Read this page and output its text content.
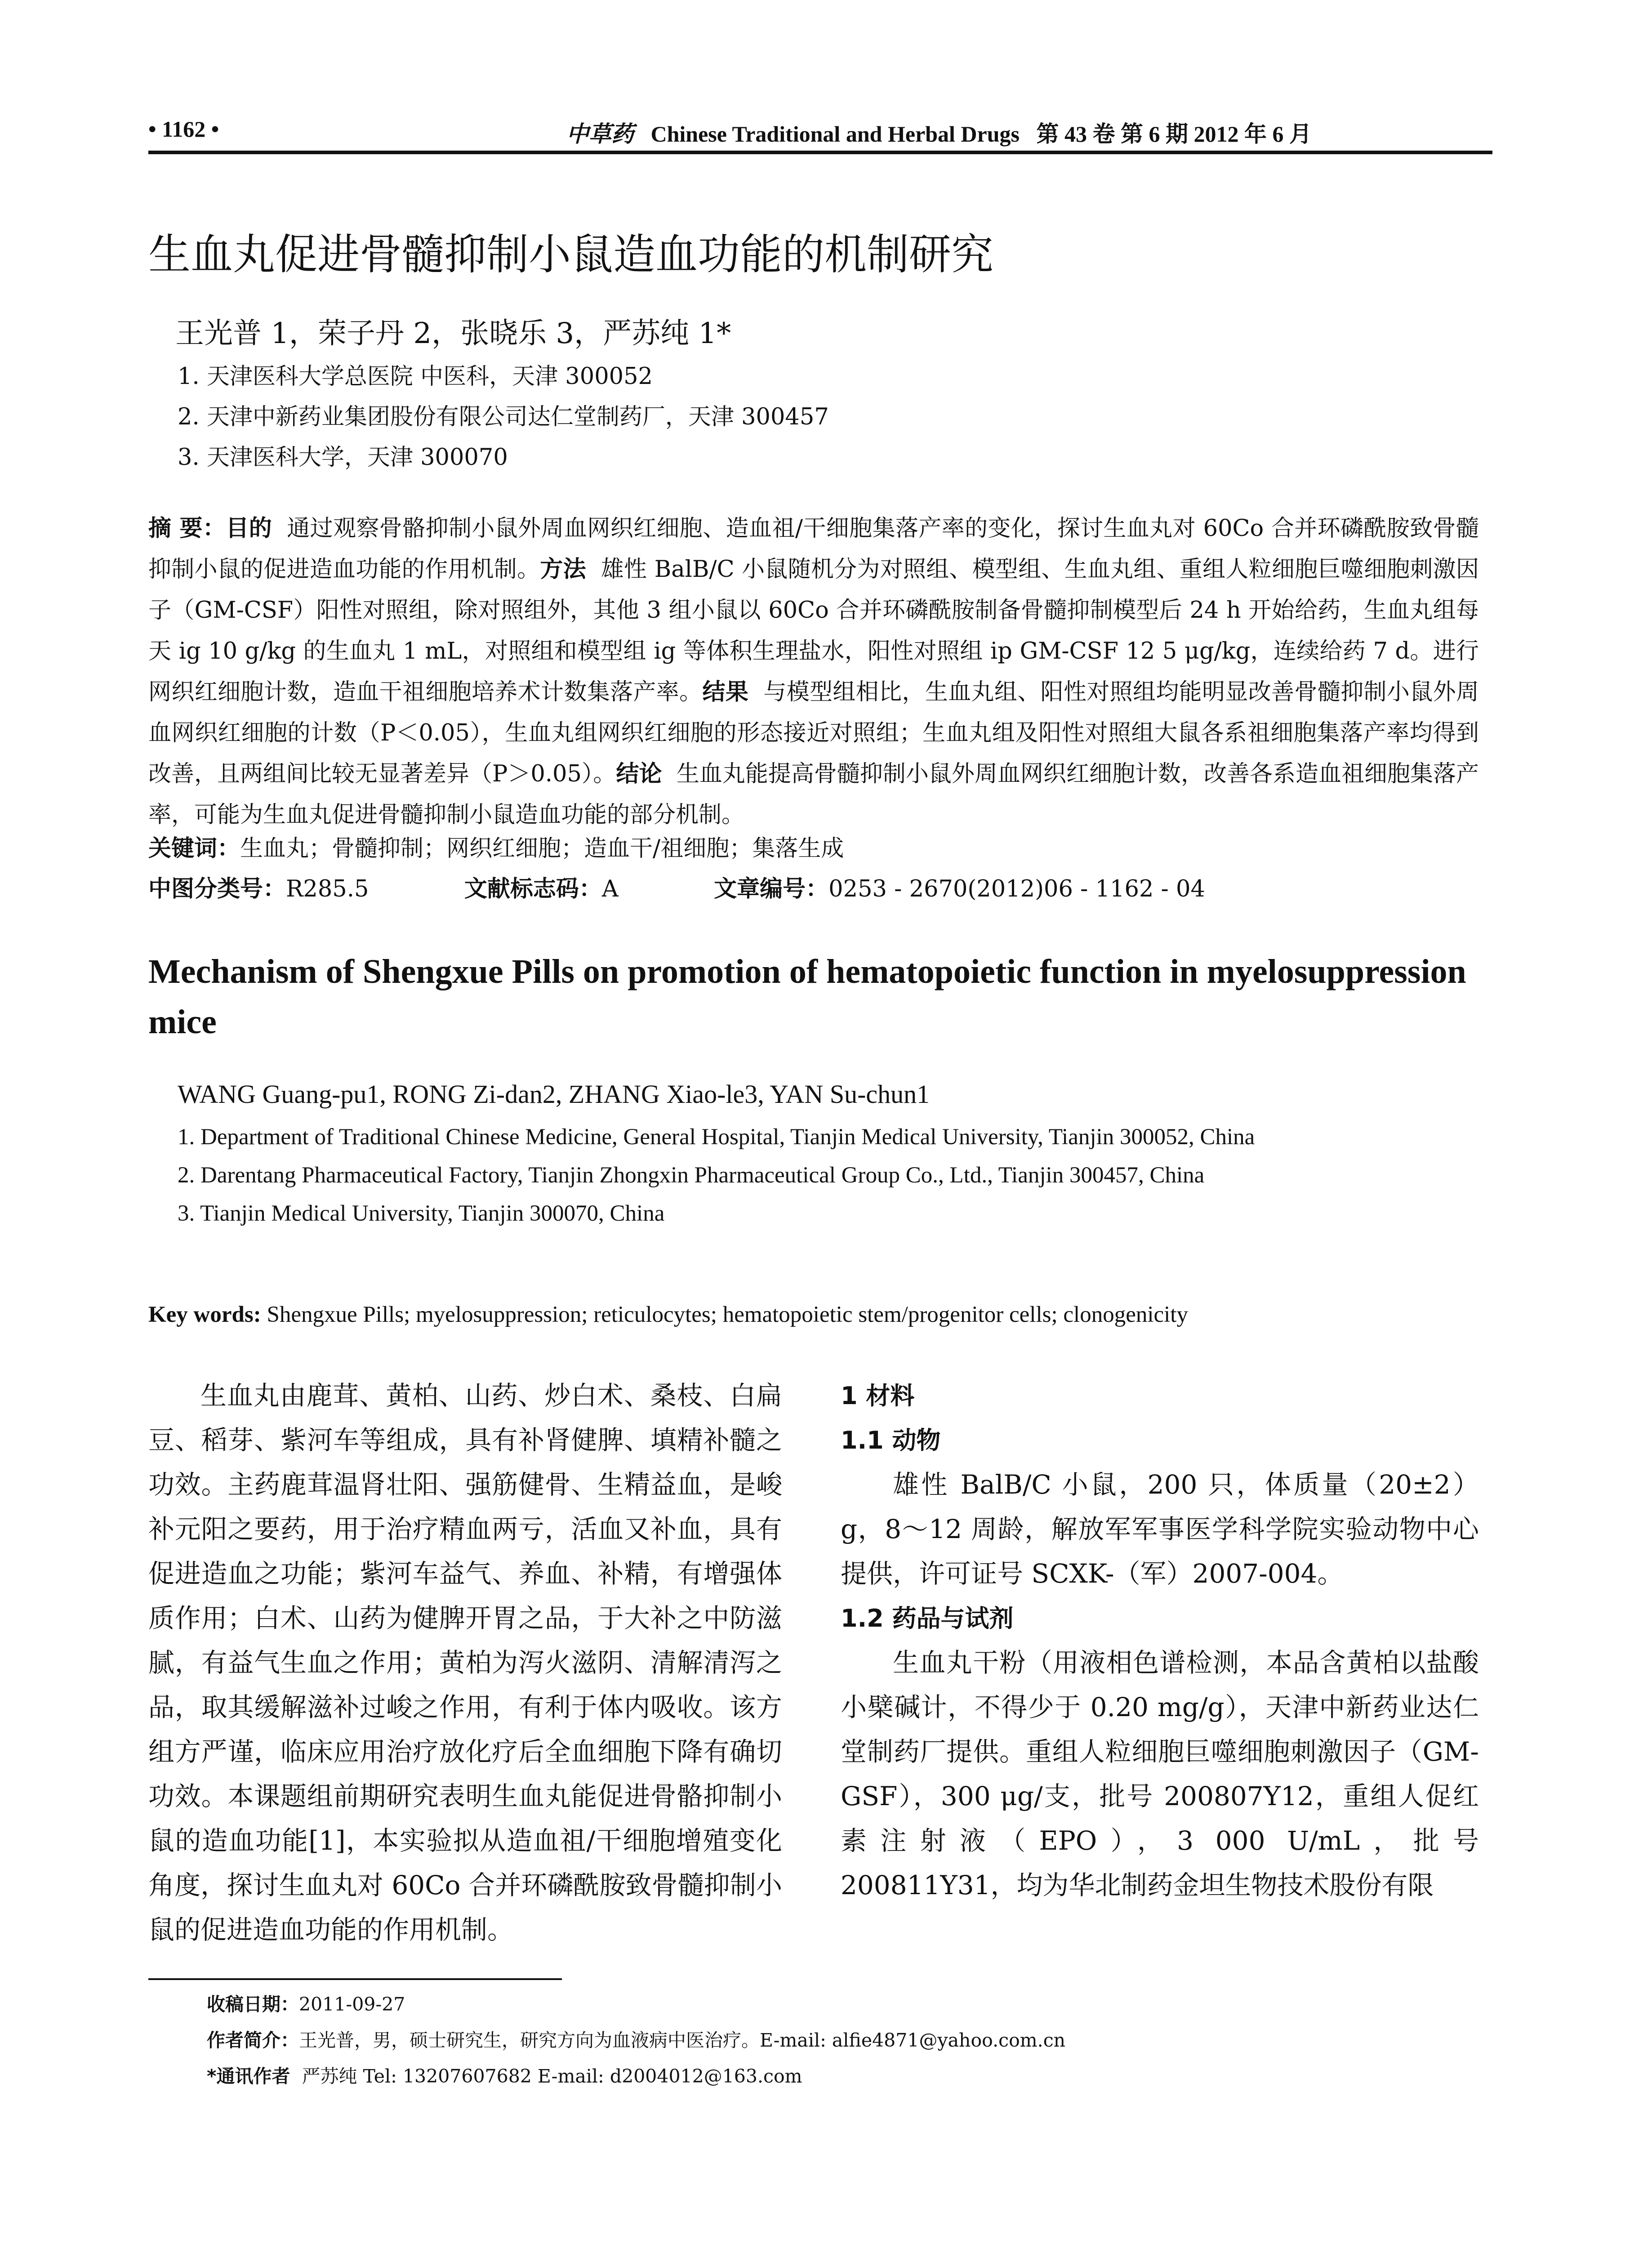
• 1162 •	中草药 Chinese Traditional and Herbal Drugs 第 43 卷 第 6 期 2012 年 6 月
生血丸促进骨髓抑制小鼠造血功能的机制研究
王光普 1，荣子丹 2，张晓乐 3，严苏纯 1*
1. 天津医科大学总医院 中医科，天津 300052
2. 天津中新药业集团股份有限公司达仁堂制药厂，天津 300457
3. 天津医科大学，天津 300070
摘 要：目的 通过观察骨骼抑制小鼠外周血网织红细胞、造血祖/干细胞集落产率的变化，探讨生血丸对 60Co 合并环磷酰胺致骨髓抑制小鼠的促进造血功能的作用机制。方法 雄性 BalB/C 小鼠随机分为对照组、模型组、生血丸组、重组人粒细胞巨噬细胞刺激因子（GM-CSF）阳性对照组，除对照组外，其他 3 组小鼠以 60Co 合并环磷酰胺制备骨髓抑制模型后 24 h 开始给药，生血丸组每天 ig 10 g/kg 的生血丸 1 mL，对照组和模型组 ig 等体积生理盐水，阳性对照组 ip GM-CSF 12 5 μg/kg，连续给药 7 d。进行网织红细胞计数，造血干祖细胞培养术计数集落产率。结果 与模型组相比，生血丸组、阳性对照组均能明显改善骨髓抑制小鼠外周血网织红细胞的计数（P＜0.05），生血丸组网织红细胞的形态接近对照组；生血丸组及阳性对照组大鼠各系祖细胞集落产率均得到改善，且两组间比较无显著差异（P＞0.05）。结论 生血丸能提高骨髓抑制小鼠外周血网织红细胞计数，改善各系造血祖细胞集落产率，可能为生血丸促进骨髓抑制小鼠造血功能的部分机制。
关键词：生血丸；骨髓抑制；网织红细胞；造血干/祖细胞；集落生成
中图分类号：R285.5	文献标志码：A	文章编号：0253 - 2670(2012)06 - 1162 - 04
Mechanism of Shengxue Pills on promotion of hematopoietic function in myelosuppression mice
WANG Guang-pu1, RONG Zi-dan2, ZHANG Xiao-le3, YAN Su-chun1
1. Department of Traditional Chinese Medicine, General Hospital, Tianjin Medical University, Tianjin 300052, China
2. Darentang Pharmaceutical Factory, Tianjin Zhongxin Pharmaceutical Group Co., Ltd., Tianjin 300457, China
3. Tianjin Medical University, Tianjin 300070, China
Key words: Shengxue Pills; myelosuppression; reticulocytes; hematopoietic stem/progenitor cells; clonogenicity
生血丸由鹿茸、黄柏、山药、炒白术、桑枝、白扁豆、稻芽、紫河车等组成，具有补肾健脾、填精补髓之功效。主药鹿茸温肾壮阳、强筋健骨、生精益血，是峻补元阳之要药，用于治疗精血两亏，活血又补血，具有促进造血之功能；紫河车益气、养血、补精，有增强体质作用；白术、山药为健脾开胃之品，于大补之中防滋腻，有益气生血之作用；黄柏为泻火滋阴、清解清泻之品，取其缓解滋补过峻之作用，有利于体内吸收。该方组方严谨，临床应用治疗放化疗后全血细胞下降有确切功效。本课题组前期研究表明生血丸能促进骨骼抑制小鼠的造血功能[1]，本实验拟从造血祖/干细胞增殖变化角度，探讨生血丸对 60Co 合并环磷酰胺致骨髓抑制小鼠的促进造血功能的作用机制。
1 材料
1.1 动物
雄性 BalB/C 小鼠，200 只，体质量（20±2）g，8～12 周龄，解放军军事医学科学院实验动物中心提供，许可证号 SCXK-（军）2007-004。
1.2 药品与试剂
生血丸干粉（用液相色谱检测，本品含黄柏以盐酸小檗碱计，不得少于 0.20 mg/g），天津中新药业达仁堂制药厂提供。重组人粒细胞巨噬细胞刺激因子（GM-GSF），300 μg/支，批号 200807Y12，重组人促红素注射液（EPO），3 000 U/mL，批号 200811Y31，均为华北制药金坦生物技术股份有限
收稿日期：2011-09-27
作者简介：王光普，男，硕士研究生，研究方向为血液病中医治疗。E-mail: alfie4871@yahoo.com.cn
*通讯作者 严苏纯 Tel: 13207607682 E-mail: d2004012@163.com
